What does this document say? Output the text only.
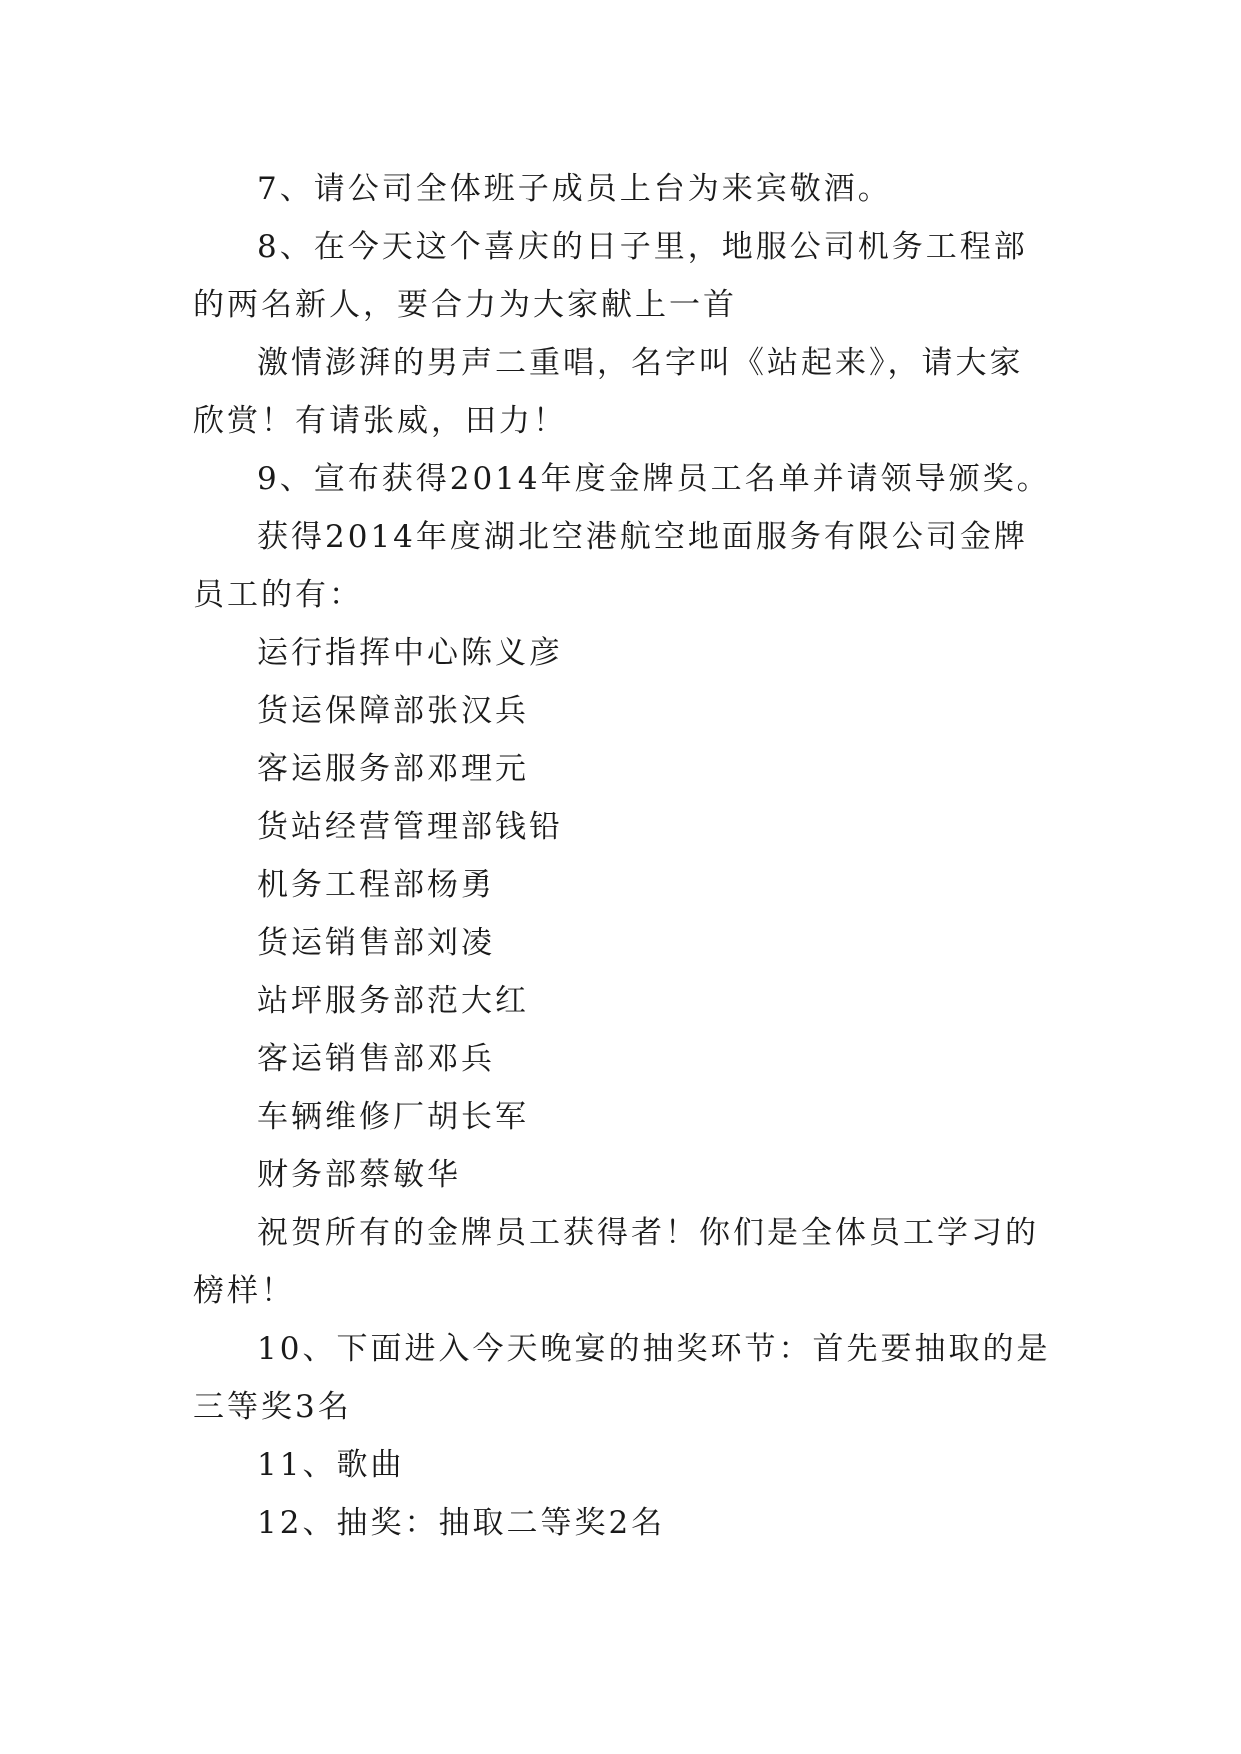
7、请公司全体班子成员上台为来宾敬酒。

8、在今天这个喜庆的日子里，地服公司机务工程部的两名新人，要合力为大家献上一首

激情澎湃的男声二重唱，名字叫《站起来》，请大家欣赏！有请张威，田力！

9、宣布获得2014年度金牌员工名单并请领导颁奖。

获得2014年度湖北空港航空地面服务有限公司金牌员工的有：

运行指挥中心陈义彦

货运保障部张汉兵

客运服务部邓理元

货站经营管理部钱铅

机务工程部杨勇

货运销售部刘凌

站坪服务部范大红

客运销售部邓兵

车辆维修厂胡长军

财务部蔡敏华

祝贺所有的金牌员工获得者！你们是全体员工学习的榜样！

10、下面进入今天晚宴的抽奖环节：首先要抽取的是三等奖3名

11、歌曲

12、抽奖：抽取二等奖2名
